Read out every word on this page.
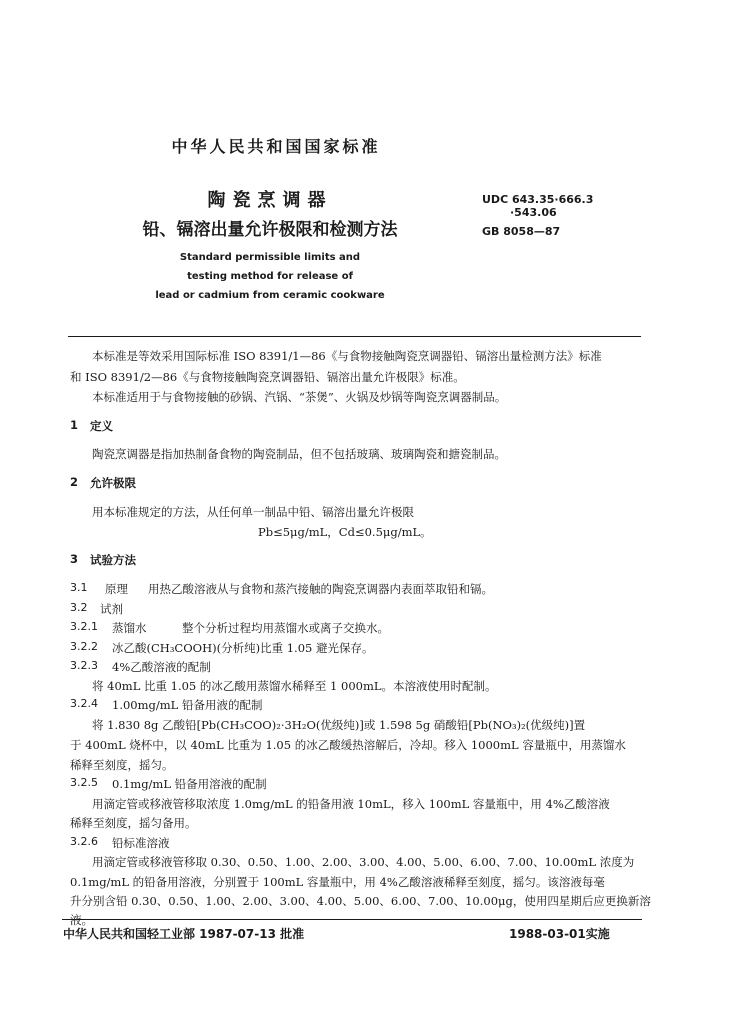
中华人民共和国国家标准
陶瓷烹调器
铅、镉溶出量允许极限和检测方法
Standard permissible limits and
testing method for release of
lead or cadmium from ceramic cookware
UDC 643.35·666.3
·543.06
GB 8058—87
本标准是等效采用国际标准 ISO 8391/1—86《与食物接触陶瓷烹调器铅、镉溶出量检测方法》标准
和 ISO 8391/2—86《与食物接触陶瓷烹调器铅、镉溶出量允许极限》标准。
本标准适用于与食物接触的砂锅、汽锅、“茶煲”、火锅及炒锅等陶瓷烹调器制品。
1 定义
陶瓷烹调器是指加热制备食物的陶瓷制品，但不包括玻璃、玻璃陶瓷和搪瓷制品。
2 允许极限
用本标准规定的方法，从任何单一制品中铅、镉溶出量允许极限
Pb≤5μg/mL，Cd≤0.5μg/mL。
3 试验方法
3.1 原理 用热乙酸溶液从与食物和蒸汽接触的陶瓷烹调器内表面萃取铅和镉。
3.2 试剂
3.2.1 蒸馏水	整个分析过程均用蒸馏水或离子交换水。
3.2.2 冰乙酸(CH₃COOH)(分析纯)比重 1.05 避光保存。
3.2.3 4%乙酸溶液的配制
将 40mL 比重 1.05 的冰乙酸用蒸馏水稀释至 1 000mL。本溶液使用时配制。
3.2.4 1.00mg/mL 铅备用液的配制
将 1.830 8g 乙酸铅[Pb(CH₃COO)₂·3H₂O(优级纯)]或 1.598 5g 硝酸铅[Pb(NO₃)₂(优级纯)]置
于 400mL 烧杯中，以 40mL 比重为 1.05 的冰乙酸缓热溶解后，冷却。移入 1000mL 容量瓶中，用蒸馏水
稀释至刻度，摇匀。
3.2.5 0.1mg/mL 铅备用溶液的配制
用滴定管或移液管移取浓度 1.0mg/mL 的铅备用液 10mL，移入 100mL 容量瓶中，用 4%乙酸溶液
稀释至刻度，摇匀备用。
3.2.6 铅标准溶液
用滴定管或移液管移取 0.30、0.50、1.00、2.00、3.00、4.00、5.00、6.00、7.00、10.00mL 浓度为
0.1mg/mL 的铅备用溶液，分别置于 100mL 容量瓶中，用 4%乙酸溶液稀释至刻度，摇匀。该溶液每毫
升分别含铅 0.30、0.50、1.00、2.00、3.00、4.00、5.00、6.00、7.00、10.00μg，使用四星期后应更换新溶
液。
中华人民共和国轻工业部 1987-07-13 批准	1988-03-01实施
